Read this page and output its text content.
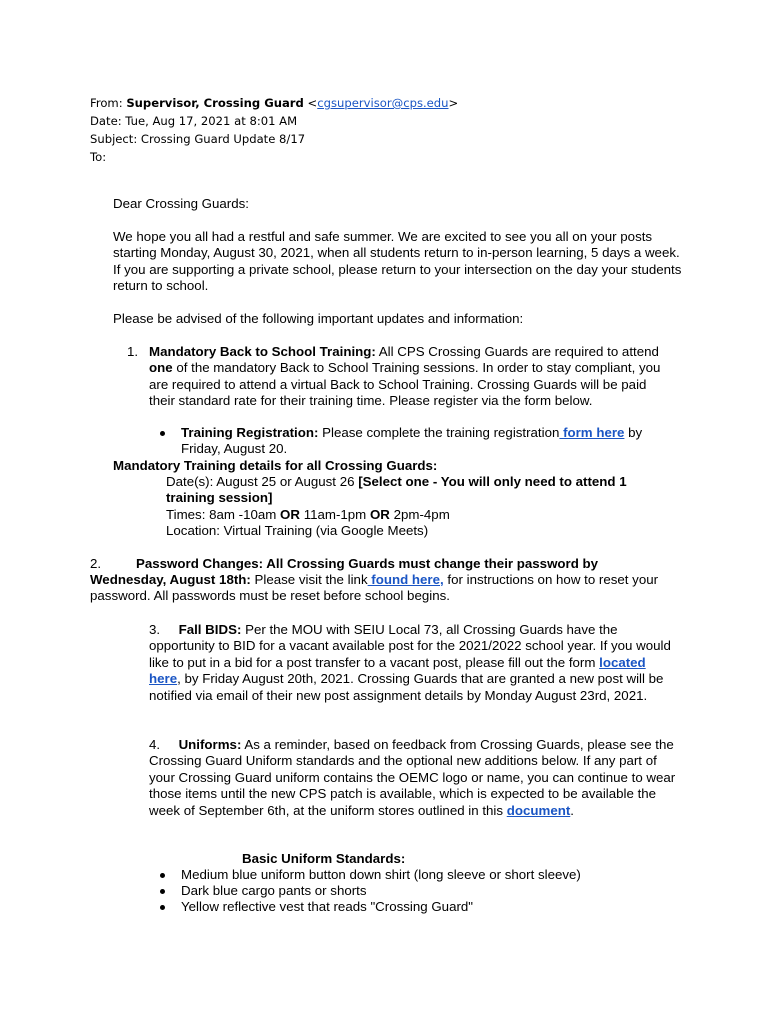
From: Supervisor, Crossing Guard <cgsupervisor@cps.edu>
Date: Tue, Aug 17, 2021 at 8:01 AM
Subject: Crossing Guard Update 8/17
To:

Dear Crossing Guards:

We hope you all had a restful and safe summer. We are excited to see you all on your posts starting Monday, August 30, 2021, when all students return to in-person learning, 5 days a week. If you are supporting a private school, please return to your intersection on the day your students return to school.

Please be advised of the following important updates and information:

1. Mandatory Back to School Training: All CPS Crossing Guards are required to attend one of the mandatory Back to School Training sessions. In order to stay compliant, you are required to attend a virtual Back to School Training. Crossing Guards will be paid their standard rate for their training time. Please register via the form below.

Training Registration: Please complete the training registration form here by Friday, August 20.

Mandatory Training details for all Crossing Guards:

Date(s): August 25 or August 26 [Select one - You will only need to attend 1 training session]

Times: 8am -10am OR 11am-1pm OR 2pm-4pm

Location: Virtual Training (via Google Meets)

2.	Password Changes: All Crossing Guards must change their password by

Wednesday, August 18th: Please visit the link found here, for instructions on how to reset your password. All passwords must be reset before school begins.

3. Fall BIDS: Per the MOU with SEIU Local 73, all Crossing Guards have the opportunity to BID for a vacant available post for the 2021/2022 school year. If you would like to put in a bid for a post transfer to a vacant post, please fill out the form located here, by Friday August 20th, 2021. Crossing Guards that are granted a new post will be notified via email of their new post assignment details by Monday August 23rd, 2021.

4. Uniforms: As a reminder, based on feedback from Crossing Guards, please see the Crossing Guard Uniform standards and the optional new additions below. If any part of your Crossing Guard uniform contains the OEMC logo or name, you can continue to wear those items until the new CPS patch is available, which is expected to be available the week of September 6th, at the uniform stores outlined in this document.

Basic Uniform Standards:

Medium blue uniform button down shirt (long sleeve or short sleeve)

Dark blue cargo pants or shorts

Yellow reflective vest that reads "Crossing Guard"
